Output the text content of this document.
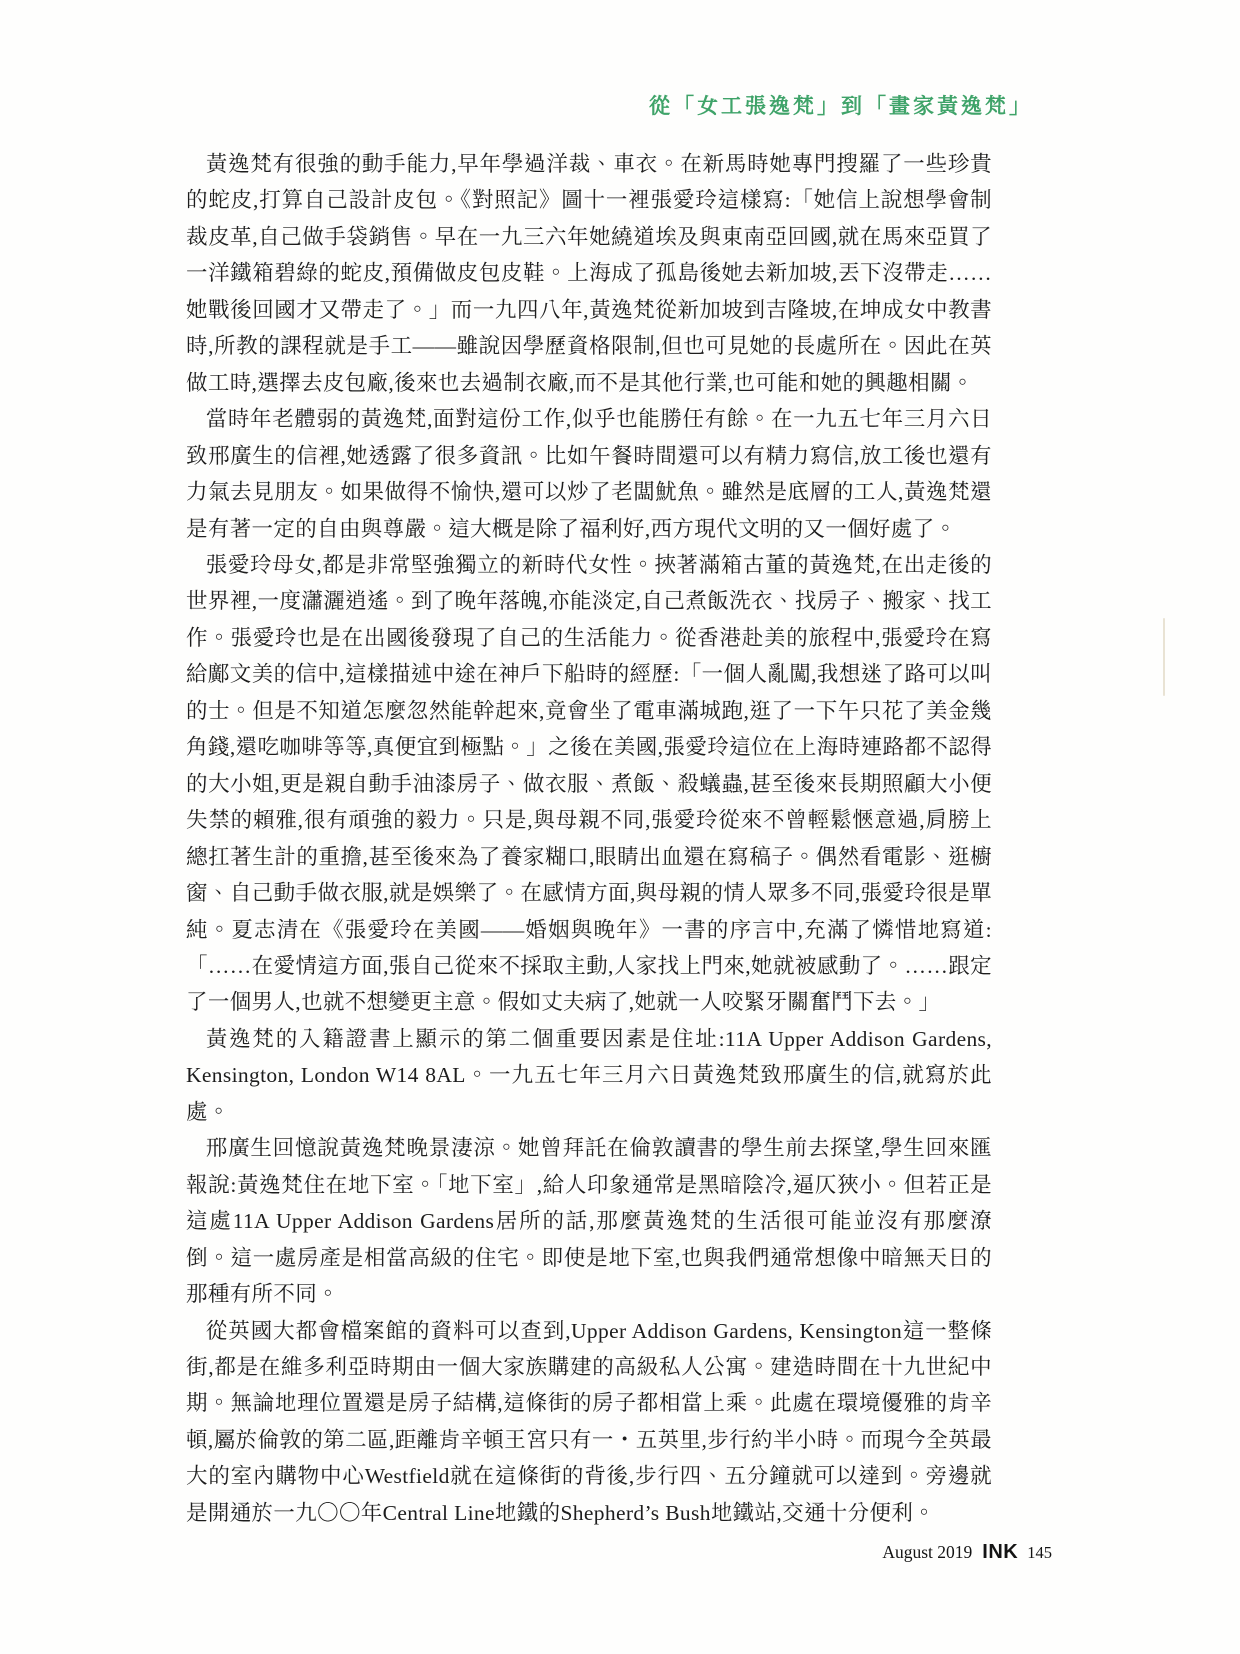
從「女工張逸梵」到「畫家黃逸梵」

黃逸梵有很強的動手能力,早年學過洋裁、車衣。在新馬時她專門搜羅了一些珍貴的蛇皮,打算自己設計皮包。《對照記》圖十一裡張愛玲這樣寫:「她信上說想學會制裁皮革,自己做手袋銷售。早在一九三六年她繞道埃及與東南亞回國,就在馬來亞買了一洋鐵箱碧綠的蛇皮,預備做皮包皮鞋。上海成了孤島後她去新加坡,丟下沒帶走……她戰後回國才又帶走了。」而一九四八年,黃逸梵從新加坡到吉隆坡,在坤成女中教書時,所教的課程就是手工——雖說因學歷資格限制,但也可見她的長處所在。因此在英做工時,選擇去皮包廠,後來也去過制衣廠,而不是其他行業,也可能和她的興趣相關。

當時年老體弱的黃逸梵,面對這份工作,似乎也能勝任有餘。在一九五七年三月六日致邢廣生的信裡,她透露了很多資訊。比如午餐時間還可以有精力寫信,放工後也還有力氣去見朋友。如果做得不愉快,還可以炒了老闆魷魚。雖然是底層的工人,黃逸梵還是有著一定的自由與尊嚴。這大概是除了福利好,西方現代文明的又一個好處了。

張愛玲母女,都是非常堅強獨立的新時代女性。挾著滿箱古董的黃逸梵,在出走後的世界裡,一度瀟灑逍遙。到了晚年落魄,亦能淡定,自己煮飯洗衣、找房子、搬家、找工作。張愛玲也是在出國後發現了自己的生活能力。從香港赴美的旅程中,張愛玲在寫給鄺文美的信中,這樣描述中途在神戶下船時的經歷:「一個人亂闖,我想迷了路可以叫的士。但是不知道怎麼忽然能幹起來,竟會坐了電車滿城跑,逛了一下午只花了美金幾角錢,還吃咖啡等等,真便宜到極點。」之後在美國,張愛玲這位在上海時連路都不認得的大小姐,更是親自動手油漆房子、做衣服、煮飯、殺蟻蟲,甚至後來長期照顧大小便失禁的賴雅,很有頑強的毅力。只是,與母親不同,張愛玲從來不曾輕鬆愜意過,肩膀上總扛著生計的重擔,甚至後來為了養家糊口,眼睛出血還在寫稿子。偶然看電影、逛櫥窗、自己動手做衣服,就是娛樂了。在感情方面,與母親的情人眾多不同,張愛玲很是單純。夏志清在《張愛玲在美國——婚姻與晚年》一書的序言中,充滿了憐惜地寫道:「……在愛情這方面,張自己從來不採取主動,人家找上門來,她就被感動了。……跟定了一個男人,也就不想變更主意。假如丈夫病了,她就一人咬緊牙關奮鬥下去。」

黃逸梵的入籍證書上顯示的第二個重要因素是住址:11A Upper Addison Gardens, Kensington, London W14 8AL。一九五七年三月六日黃逸梵致邢廣生的信,就寫於此處。

邢廣生回憶說黃逸梵晚景淒涼。她曾拜託在倫敦讀書的學生前去探望,學生回來匯報說:黃逸梵住在地下室。「地下室」,給人印象通常是黑暗陰冷,逼仄狹小。但若正是這處11A Upper Addison Gardens居所的話,那麼黃逸梵的生活很可能並沒有那麼潦倒。這一處房產是相當高級的住宅。即使是地下室,也與我們通常想像中暗無天日的那種有所不同。

從英國大都會檔案館的資料可以查到,Upper Addison Gardens, Kensington這一整條街,都是在維多利亞時期由一個大家族購建的高級私人公寓。建造時間在十九世紀中期。無論地理位置還是房子結構,這條街的房子都相當上乘。此處在環境優雅的肯辛頓,屬於倫敦的第二區,距離肯辛頓王宮只有一・五英里,步行約半小時。而現今全英最大的室內購物中心Westfield就在這條街的背後,步行四、五分鐘就可以達到。旁邊就是開通於一九〇〇年Central Line地鐵的Shepherd’s Bush地鐵站,交通十分便利。

August 2019 INK 145
